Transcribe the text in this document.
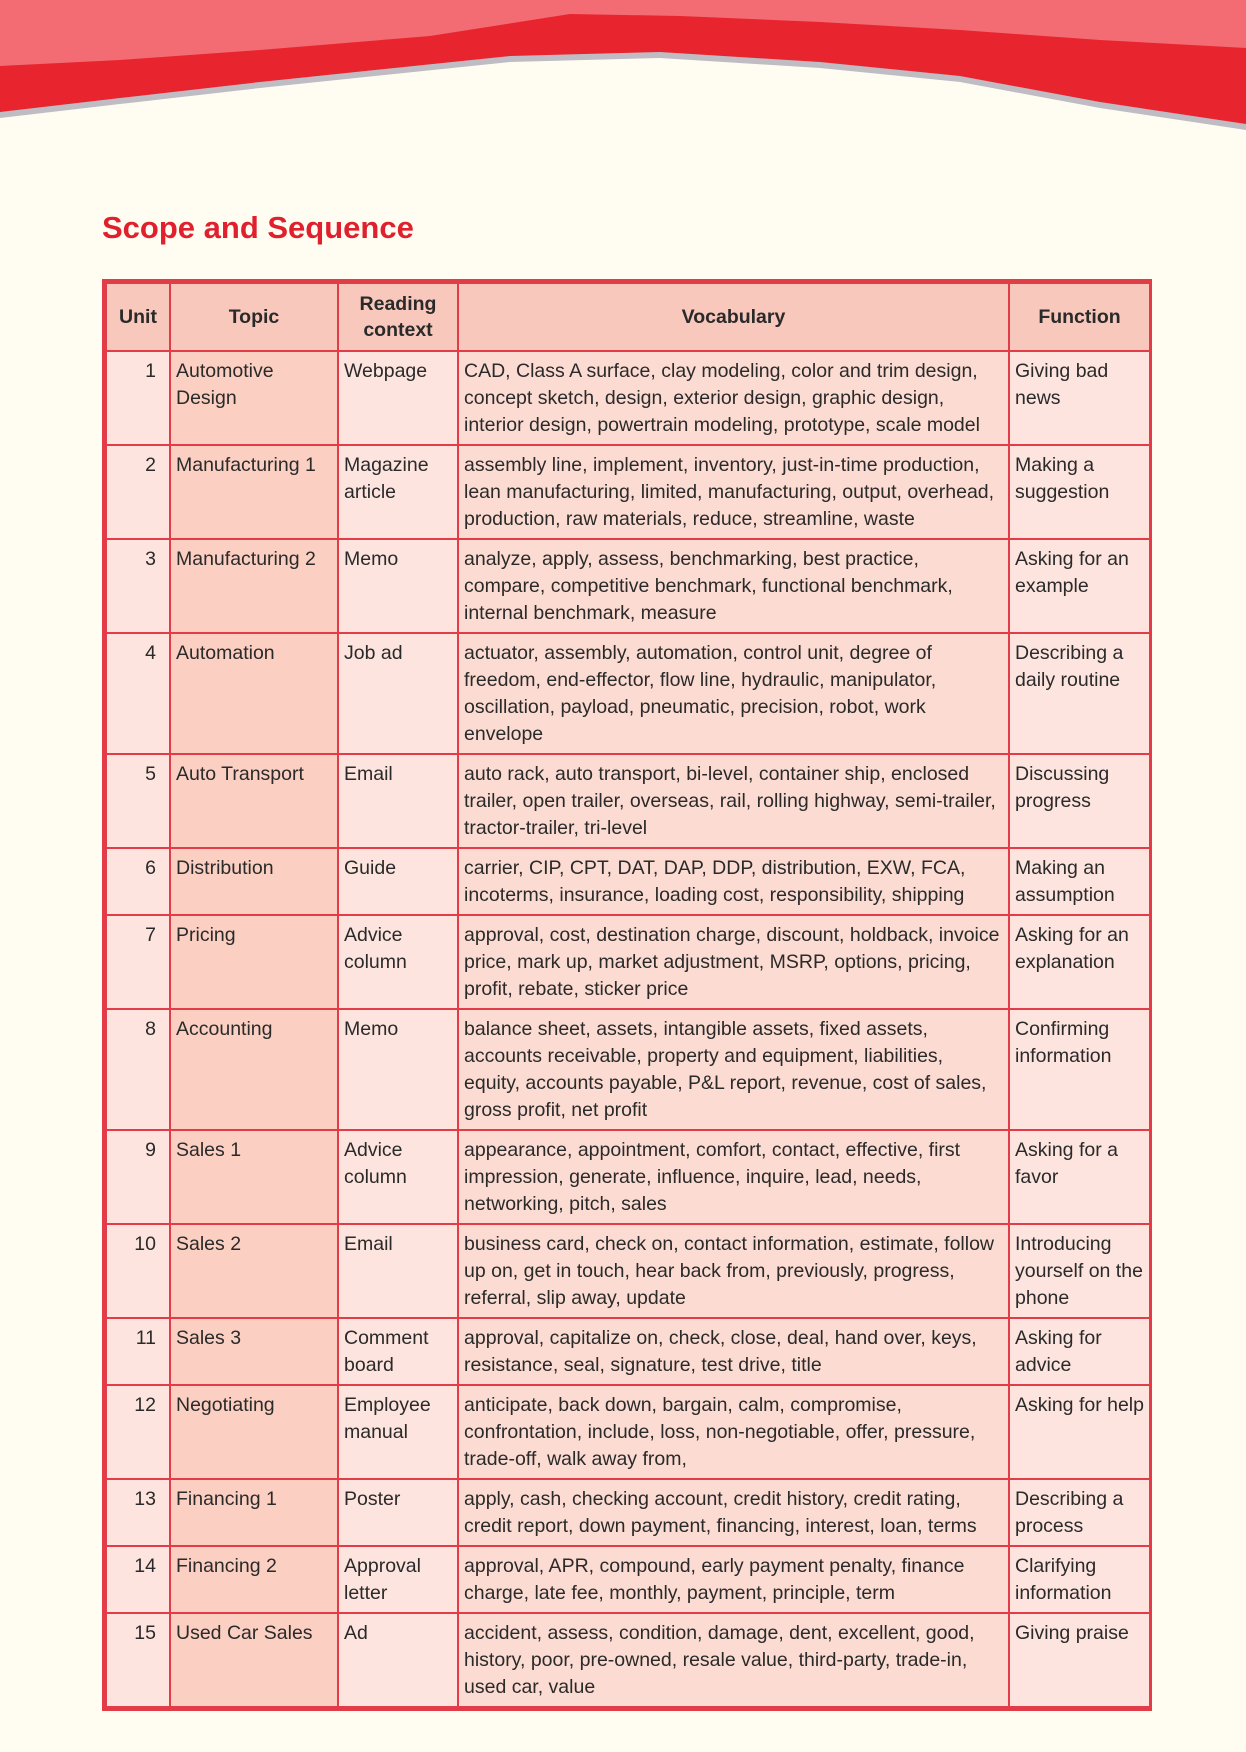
Scope and Sequence
Unit	Topic	Reading context	Vocabulary	Function
1	Automotive Design	Webpage	CAD, Class A surface, clay modeling, color and trim design, concept sketch, design, exterior design, graphic design, interior design, powertrain modeling, prototype, scale model	Giving bad news
2	Manufacturing 1	Magazine article	assembly line, implement, inventory, just-in-time production, lean manufacturing, limited, manufacturing, output, overhead, production, raw materials, reduce, streamline, waste	Making a suggestion
3	Manufacturing 2	Memo	analyze, apply, assess, benchmarking, best practice, compare, competitive benchmark, functional benchmark, internal benchmark, measure	Asking for an example
4	Automation	Job ad	actuator, assembly, automation, control unit, degree of freedom, end-effector, flow line, hydraulic, manipulator, oscillation, payload, pneumatic, precision, robot, work envelope	Describing a daily routine
5	Auto Transport	Email	auto rack, auto transport, bi-level, container ship, enclosed trailer, open trailer, overseas, rail, rolling highway, semi-trailer, tractor-trailer, tri-level	Discussing progress
6	Distribution	Guide	carrier, CIP, CPT, DAT, DAP, DDP, distribution, EXW, FCA, incoterms, insurance, loading cost, responsibility, shipping	Making an assumption
7	Pricing	Advice column	approval, cost, destination charge, discount, holdback, invoice price, mark up, market adjustment, MSRP, options, pricing, profit, rebate, sticker price	Asking for an explanation
8	Accounting	Memo	balance sheet, assets, intangible assets, fixed assets, accounts receivable, property and equipment, liabilities, equity, accounts payable, P&L report, revenue, cost of sales, gross profit, net profit	Confirming information
9	Sales 1	Advice column	appearance, appointment, comfort, contact, effective, first impression, generate, influence, inquire, lead, needs, networking, pitch, sales	Asking for a favor
10	Sales 2	Email	business card, check on, contact information, estimate, follow up on, get in touch, hear back from, previously, progress, referral, slip away, update	Introducing yourself on the phone
11	Sales 3	Comment board	approval, capitalize on, check, close, deal, hand over, keys, resistance, seal, signature, test drive, title	Asking for advice
12	Negotiating	Employee manual	anticipate, back down, bargain, calm, compromise, confrontation, include, loss, non-negotiable, offer, pressure, trade-off, walk away from,	Asking for help
13	Financing 1	Poster	apply, cash, checking account, credit history, credit rating, credit report, down payment, financing, interest, loan, terms	Describing a process
14	Financing 2	Approval letter	approval, APR, compound, early payment penalty, finance charge, late fee, monthly, payment, principle, term	Clarifying information
15	Used Car Sales	Ad	accident, assess, condition, damage, dent, excellent, good, history, poor, pre-owned, resale value, third-party, trade-in, used car, value	Giving praise
